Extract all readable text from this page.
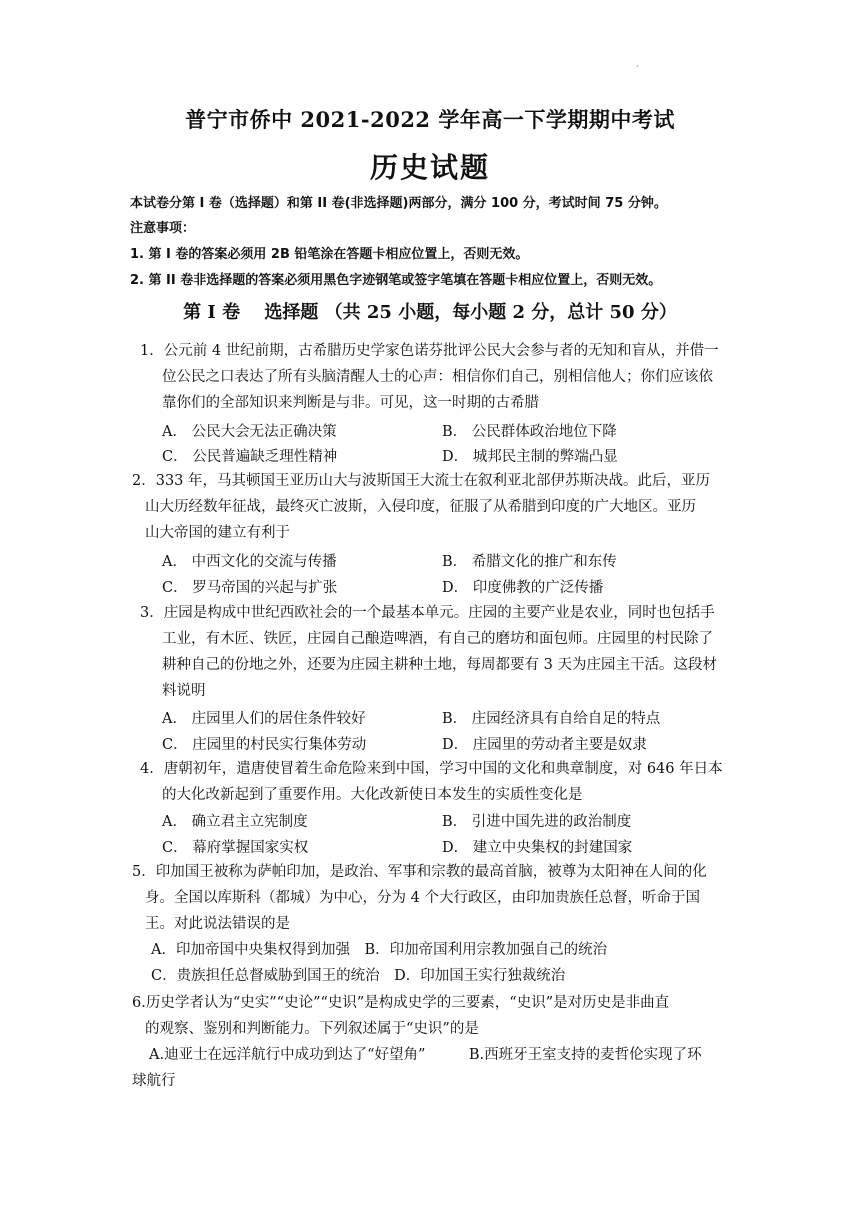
·
普宁市侨中 2021-2022 学年高一下学期期中考试
历史试题
本试卷分第 I 卷（选择题）和第 II 卷(非选择题)两部分，满分 100 分，考试时间 75 分钟。
注意事项：
1. 第 I 卷的答案必须用 2B 铅笔涂在答题卡相应位置上，否则无效。
2. 第 II 卷非选择题的答案必须用黑色字迹钢笔或签字笔填在答题卡相应位置上，否则无效。
第 I 卷　 选择题 （共 25 小题，每小题 2 分，总计 50 分）
1．公元前 4 世纪前期，古希腊历史学家色诺芬批评公民大会参与者的无知和盲从，并借一
位公民之口表达了所有头脑清醒人士的心声：相信你们自己，别相信他人；你们应该依
靠你们的全部知识来判断是与非。可见，这一时期的古希腊
A． 公民大会无法正确决策	B． 公民群体政治地位下降
C． 公民普遍缺乏理性精神	D． 城邦民主制的弊端凸显
2．333 年，马其顿国王亚历山大与波斯国王大流士在叙利亚北部伊苏斯决战。此后，亚历
山大历经数年征战，最终灭亡波斯，入侵印度，征服了从希腊到印度的广大地区。亚历
山大帝国的建立有利于
A． 中西文化的交流与传播	B． 希腊文化的推广和东传
C． 罗马帝国的兴起与扩张	D． 印度佛教的广泛传播
3．庄园是构成中世纪西欧社会的一个最基本单元。庄园的主要产业是农业，同时也包括手
工业，有木匠、铁匠，庄园自己酿造啤酒，有自己的磨坊和面包师。庄园里的村民除了
耕种自己的份地之外，还要为庄园主耕种土地，每周都要有 3 天为庄园主干活。这段材
料说明
A． 庄园里人们的居住条件较好	B． 庄园经济具有自给自足的特点
C． 庄园里的村民实行集体劳动	D． 庄园里的劳动者主要是奴隶
4．唐朝初年，遣唐使冒着生命危险来到中国，学习中国的文化和典章制度，对 646 年日本
的大化改新起到了重要作用。大化改新使日本发生的实质性变化是
A． 确立君主立宪制度	B． 引进中国先进的政治制度
C． 幕府掌握国家实权	D． 建立中央集权的封建国家
5．印加国王被称为萨帕印加，是政治、军事和宗教的最高首脑，被尊为太阳神在人间的化
身。全国以库斯科（都城）为中心，分为 4 个大行政区，由印加贵族任总督，听命于国
王。对此说法错误的是
A．印加帝国中央集权得到加强　B．印加帝国利用宗教加强自己的统治
C．贵族担任总督威胁到国王的统治　D．印加国王实行独裁统治
6.历史学者认为“史实”“史论”“史识”是构成史学的三要素，“史识”是对历史是非曲直
的观察、鉴别和判断能力。下列叙述属于“史识”的是
A.迪亚士在远洋航行中成功到达了“好望角”　　　B.西班牙王室支持的麦哲伦实现了环
球航行
